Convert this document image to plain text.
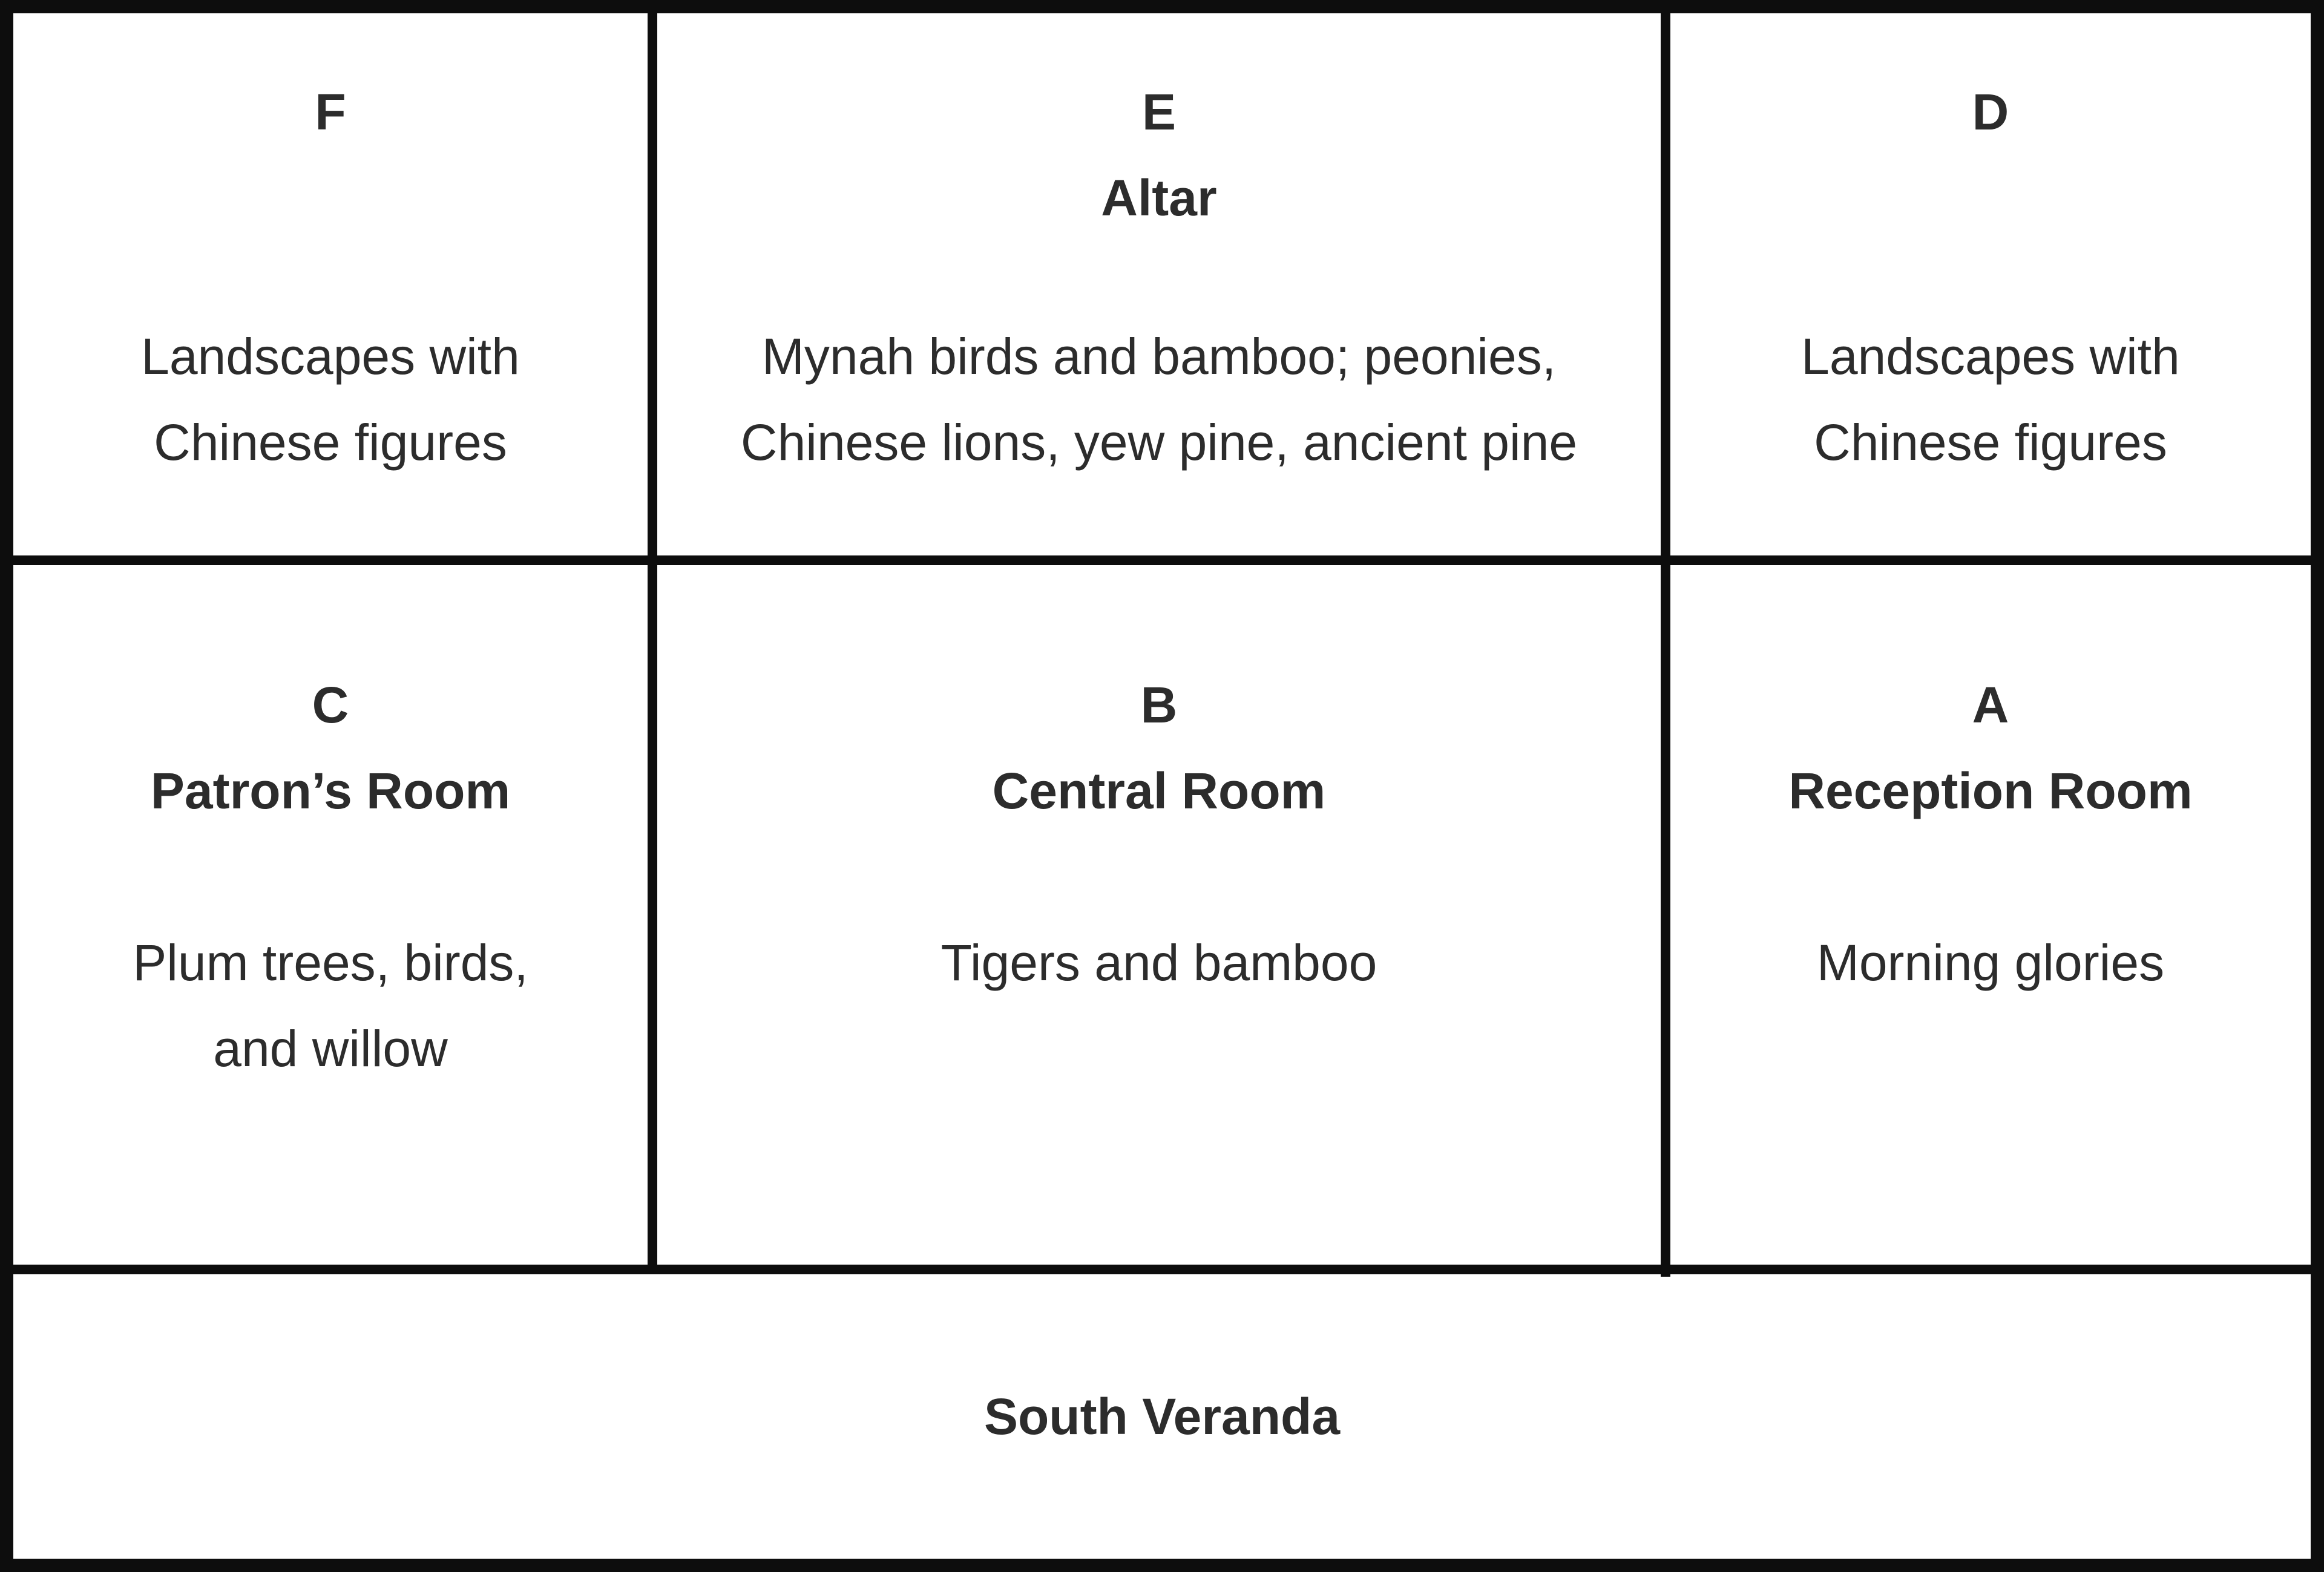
F
Landscapes with
Chinese figures
E
Altar
Mynah birds and bamboo; peonies,
Chinese lions, yew pine, ancient pine
D
Landscapes with
Chinese figures
C
Patron’s Room
Plum trees, birds,
and willow
B
Central Room
Tigers and bamboo
A
Reception Room
Morning glories
South Veranda
